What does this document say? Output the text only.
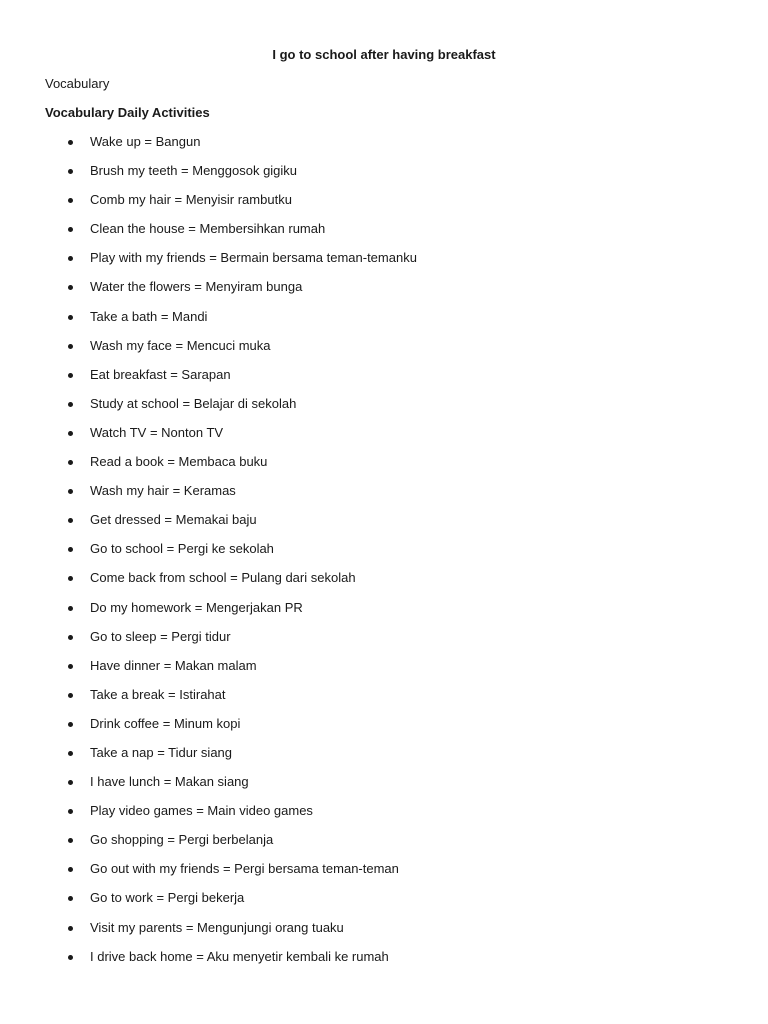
I go to school after having breakfast
Vocabulary
Vocabulary Daily Activities
Wake up = Bangun
Brush my teeth = Menggosok gigiku
Comb my hair = Menyisir rambutku
Clean the house = Membersihkan rumah
Play with my friends = Bermain bersama teman-temanku
Water the flowers = Menyiram bunga
Take a bath = Mandi
Wash my face = Mencuci muka
Eat breakfast = Sarapan
Study at school = Belajar di sekolah
Watch TV = Nonton TV
Read a book = Membaca buku
Wash my hair = Keramas
Get dressed = Memakai baju
Go to school = Pergi ke sekolah
Come back from school = Pulang dari sekolah
Do my homework = Mengerjakan PR
Go to sleep = Pergi tidur
Have dinner = Makan malam
Take a break = Istirahat
Drink coffee = Minum kopi
Take a nap = Tidur siang
I have lunch = Makan siang
Play video games = Main video games
Go shopping = Pergi berbelanja
Go out with my friends = Pergi bersama teman-teman
Go to work = Pergi bekerja
Visit my parents = Mengunjungi orang tuaku
I drive back home = Aku menyetir kembali ke rumah
